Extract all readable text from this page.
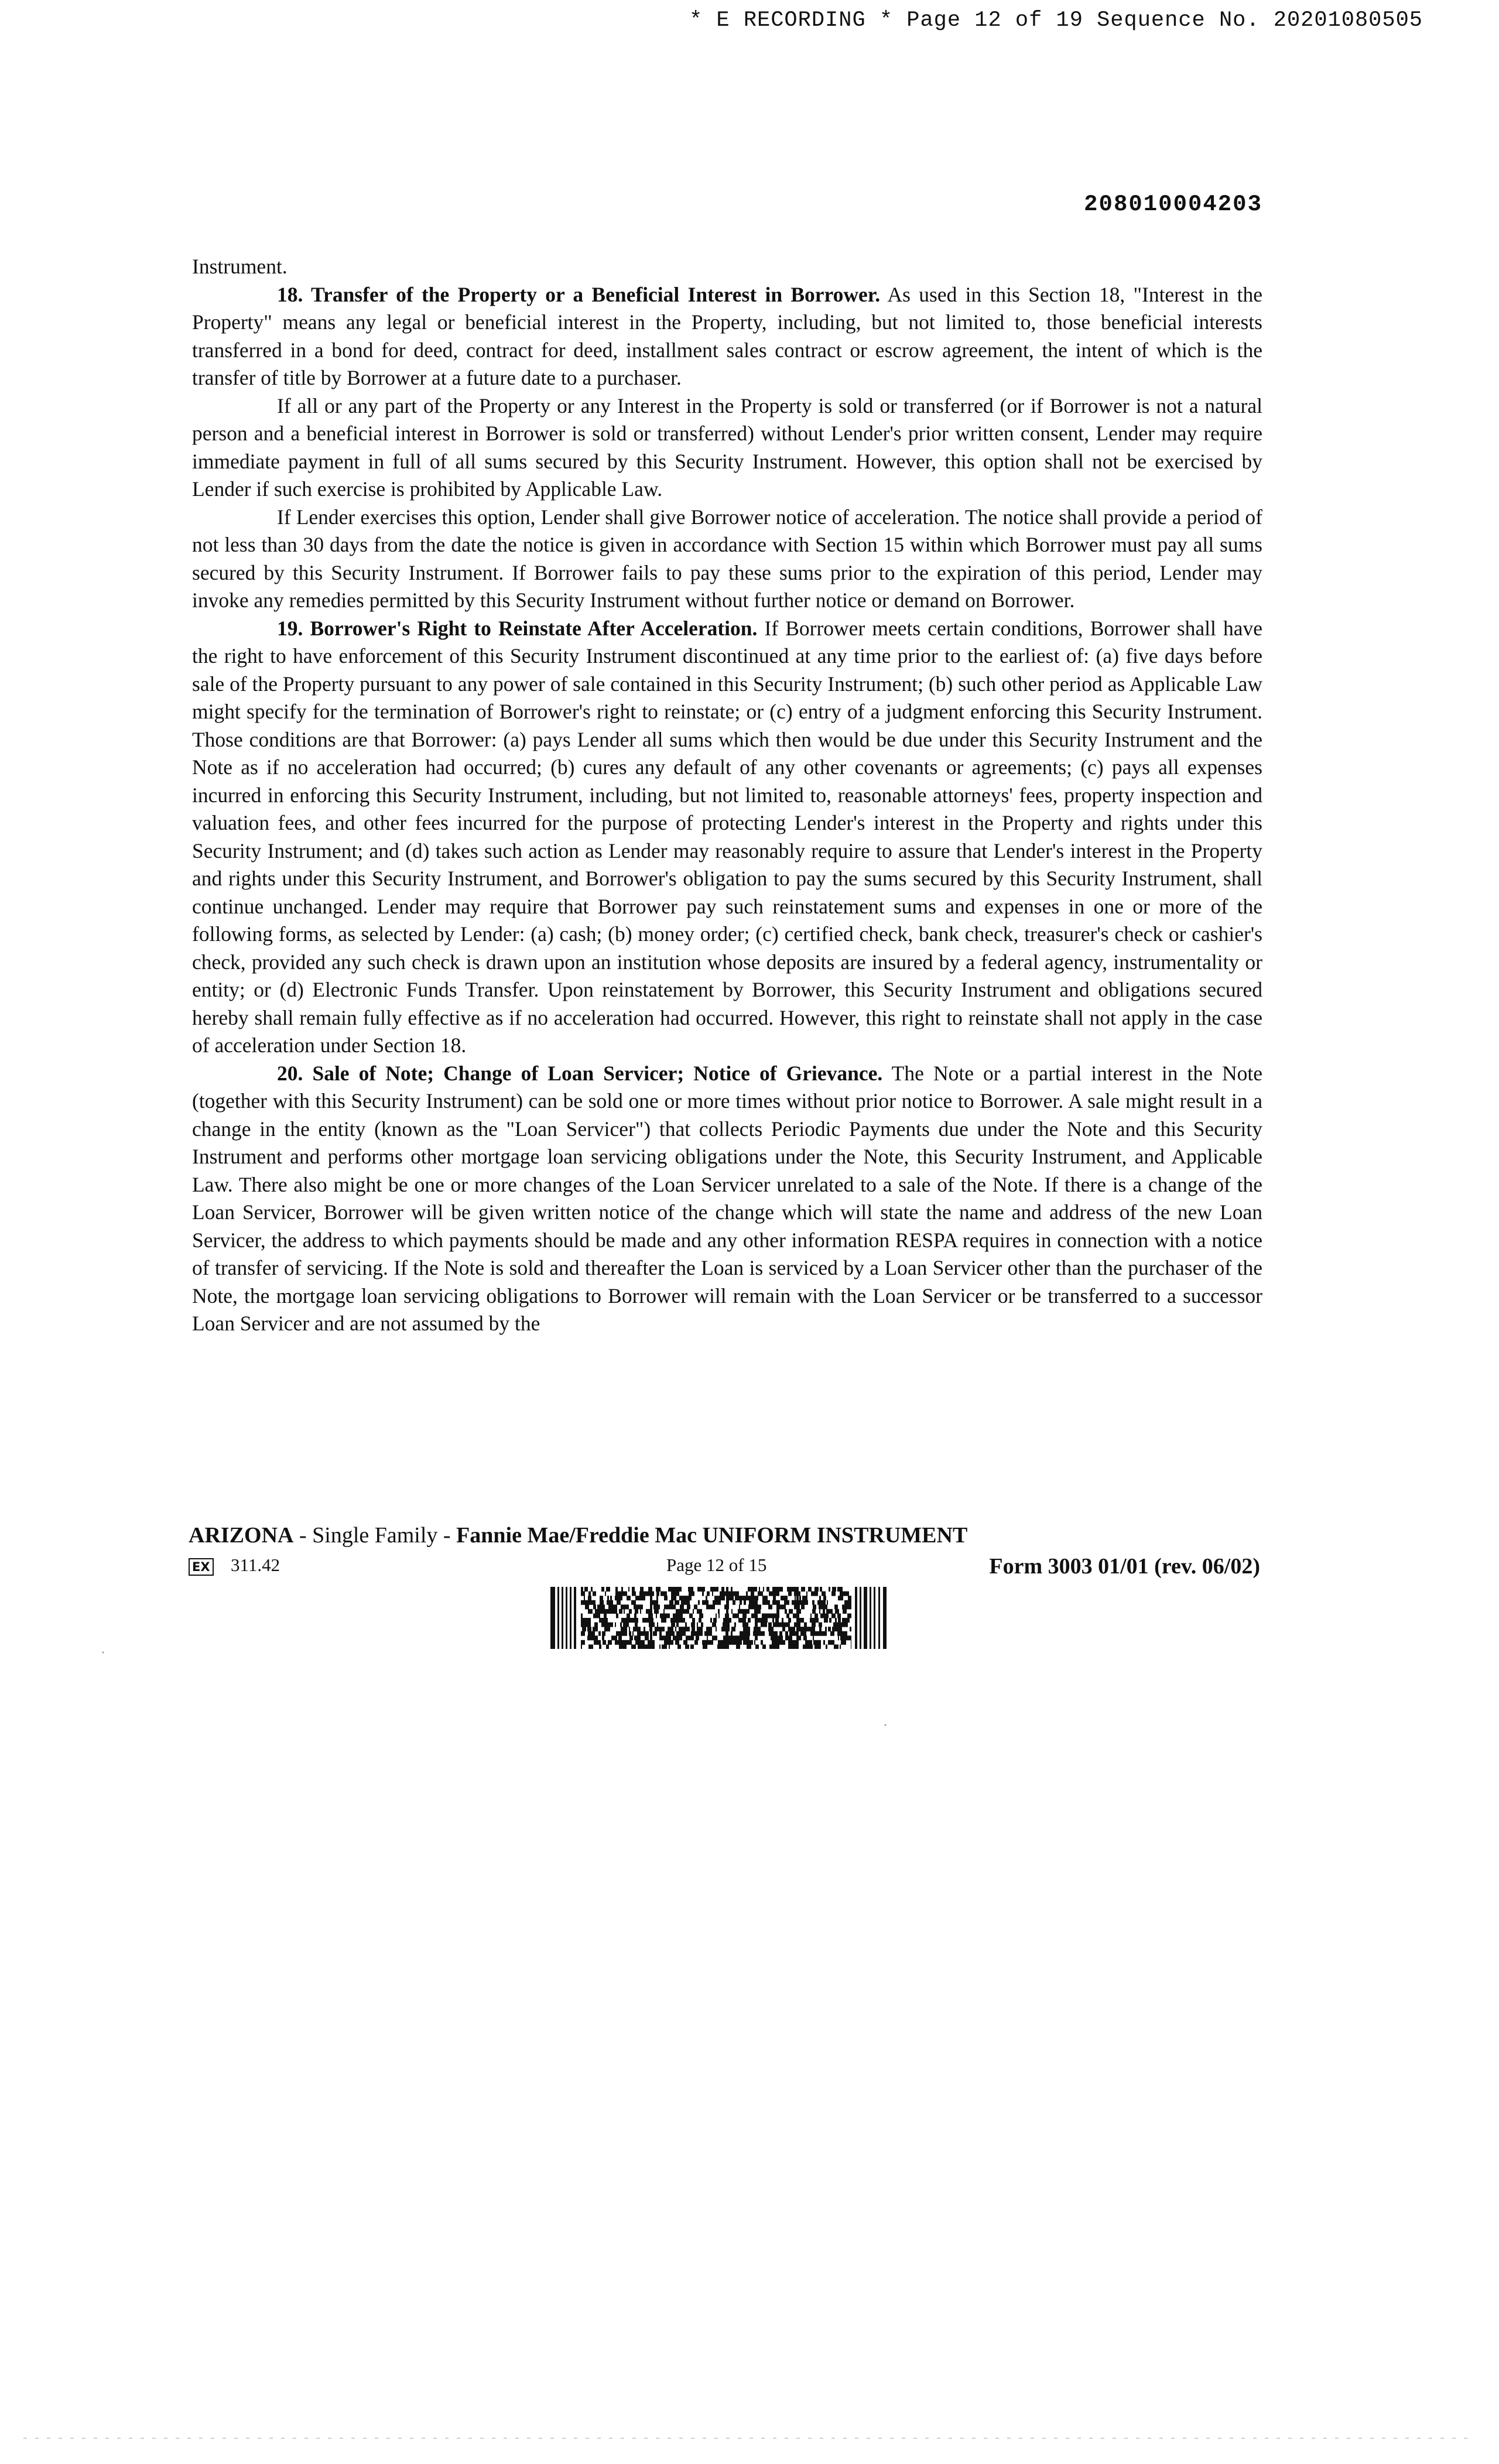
* E RECORDING * Page 12 of 19 Sequence No. 20201080505
208010004203

Instrument.

18. Transfer of the Property or a Beneficial Interest in Borrower. As used in this Section 18, "Interest in the Property" means any legal or beneficial interest in the Property, including, but not limited to, those beneficial interests transferred in a bond for deed, contract for deed, installment sales contract or escrow agreement, the intent of which is the transfer of title by Borrower at a future date to a purchaser.

If all or any part of the Property or any Interest in the Property is sold or transferred (or if Borrower is not a natural person and a beneficial interest in Borrower is sold or transferred) without Lender's prior written consent, Lender may require immediate payment in full of all sums secured by this Security Instrument. However, this option shall not be exercised by Lender if such exercise is prohibited by Applicable Law.

If Lender exercises this option, Lender shall give Borrower notice of acceleration. The notice shall provide a period of not less than 30 days from the date the notice is given in accordance with Section 15 within which Borrower must pay all sums secured by this Security Instrument. If Borrower fails to pay these sums prior to the expiration of this period, Lender may invoke any remedies permitted by this Security Instrument without further notice or demand on Borrower.

19. Borrower's Right to Reinstate After Acceleration. If Borrower meets certain conditions, Borrower shall have the right to have enforcement of this Security Instrument discontinued at any time prior to the earliest of: (a) five days before sale of the Property pursuant to any power of sale contained in this Security Instrument; (b) such other period as Applicable Law might specify for the termination of Borrower's right to reinstate; or (c) entry of a judgment enforcing this Security Instrument. Those conditions are that Borrower: (a) pays Lender all sums which then would be due under this Security Instrument and the Note as if no acceleration had occurred; (b) cures any default of any other covenants or agreements; (c) pays all expenses incurred in enforcing this Security Instrument, including, but not limited to, reasonable attorneys' fees, property inspection and valuation fees, and other fees incurred for the purpose of protecting Lender's interest in the Property and rights under this Security Instrument; and (d) takes such action as Lender may reasonably require to assure that Lender's interest in the Property and rights under this Security Instrument, and Borrower's obligation to pay the sums secured by this Security Instrument, shall continue unchanged. Lender may require that Borrower pay such reinstatement sums and expenses in one or more of the following forms, as selected by Lender: (a) cash; (b) money order; (c) certified check, bank check, treasurer's check or cashier's check, provided any such check is drawn upon an institution whose deposits are insured by a federal agency, instrumentality or entity; or (d) Electronic Funds Transfer. Upon reinstatement by Borrower, this Security Instrument and obligations secured hereby shall remain fully effective as if no acceleration had occurred. However, this right to reinstate shall not apply in the case of acceleration under Section 18.

20. Sale of Note; Change of Loan Servicer; Notice of Grievance. The Note or a partial interest in the Note (together with this Security Instrument) can be sold one or more times without prior notice to Borrower. A sale might result in a change in the entity (known as the "Loan Servicer") that collects Periodic Payments due under the Note and this Security Instrument and performs other mortgage loan servicing obligations under the Note, this Security Instrument, and Applicable Law. There also might be one or more changes of the Loan Servicer unrelated to a sale of the Note. If there is a change of the Loan Servicer, Borrower will be given written notice of the change which will state the name and address of the new Loan Servicer, the address to which payments should be made and any other information RESPA requires in connection with a notice of transfer of servicing. If the Note is sold and thereafter the Loan is serviced by a Loan Servicer other than the purchaser of the Note, the mortgage loan servicing obligations to Borrower will remain with the Loan Servicer or be transferred to a successor Loan Servicer and are not assumed by the

ARIZONA - Single Family - Fannie Mae/Freddie Mac UNIFORM INSTRUMENT
EX 311.42	Page 12 of 15	Form 3003 01/01 (rev. 06/02)
